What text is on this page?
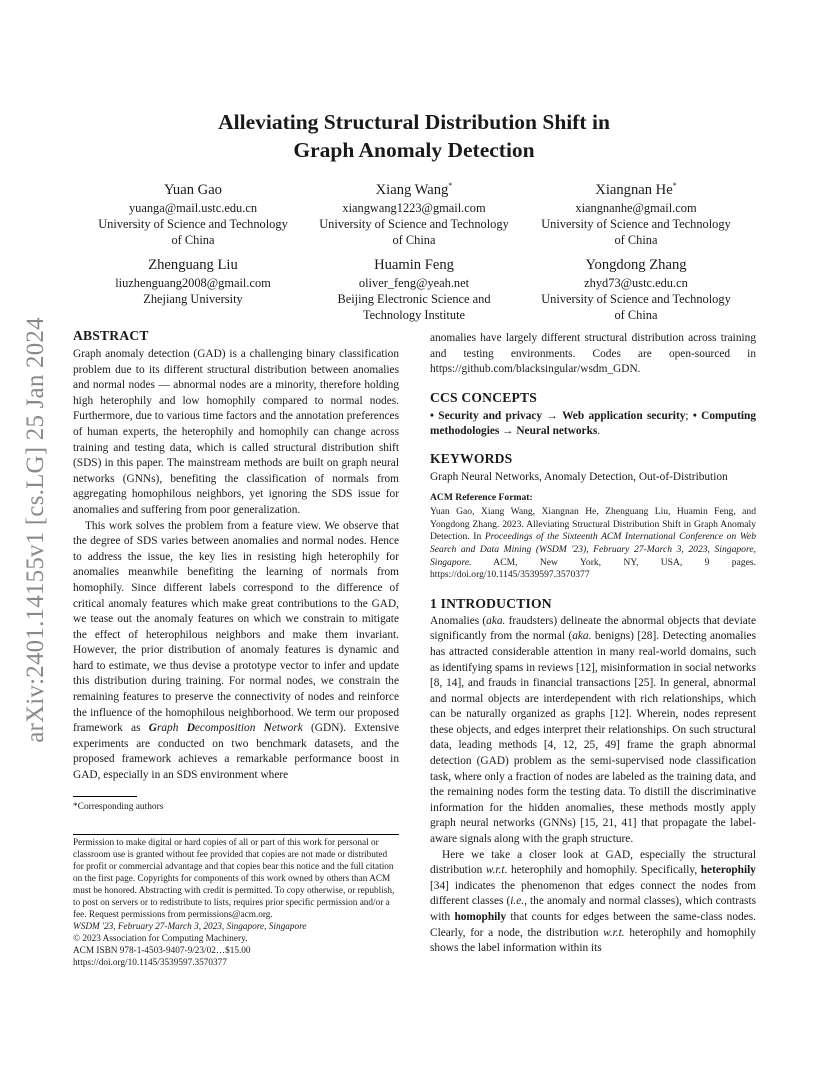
arXiv:2401.14155v1 [cs.LG] 25 Jan 2024
Alleviating Structural Distribution Shift in
Graph Anomaly Detection
Yuan Gao
yuanga@mail.ustc.edu.cn
University of Science and Technology
of China
Xiang Wang*
xiangwang1223@gmail.com
University of Science and Technology
of China
Xiangnan He*
xiangnanhe@gmail.com
University of Science and Technology
of China
Zhenguang Liu
liuzhenguang2008@gmail.com
Zhejiang University
Huamin Feng
oliver_feng@yeah.net
Beijing Electronic Science and
Technology Institute
Yongdong Zhang
zhyd73@ustc.edu.cn
University of Science and Technology
of China
ABSTRACT

Graph anomaly detection (GAD) is a challenging binary classification problem due to its different structural distribution between anomalies and normal nodes — abnormal nodes are a minority, therefore holding high heterophily and low homophily compared to normal nodes. Furthermore, due to various time factors and the annotation preferences of human experts, the heterophily and homophily can change across training and testing data, which is called structural distribution shift (SDS) in this paper. The mainstream methods are built on graph neural networks (GNNs), benefiting the classification of normals from aggregating homophilous neighbors, yet ignoring the SDS issue for anomalies and suffering from poor generalization.

This work solves the problem from a feature view. We observe that the degree of SDS varies between anomalies and normal nodes. Hence to address the issue, the key lies in resisting high heterophily for anomalies meanwhile benefiting the learning of normals from homophily. Since different labels correspond to the difference of critical anomaly features which make great contributions to the GAD, we tease out the anomaly features on which we constrain to mitigate the effect of heterophilous neighbors and make them invariant. However, the prior distribution of anomaly features is dynamic and hard to estimate, we thus devise a prototype vector to infer and update this distribution during training. For normal nodes, we constrain the remaining features to preserve the connectivity of nodes and reinforce the influence of the homophilous neighborhood. We term our proposed framework as Graph Decomposition Network (GDN). Extensive experiments are conducted on two benchmark datasets, and the proposed framework achieves a remarkable performance boost in GAD, especially in an SDS environment where

*Corresponding authors
Permission to make digital or hard copies of all or part of this work for personal or classroom use is granted without fee provided that copies are not made or distributed for profit or commercial advantage and that copies bear this notice and the full citation on the first page. Copyrights for components of this work owned by others than ACM must be honored. Abstracting with credit is permitted. To copy otherwise, or republish, to post on servers or to redistribute to lists, requires prior specific permission and/or a fee. Request permissions from permissions@acm.org.
WSDM '23, February 27-March 3, 2023, Singapore, Singapore
© 2023 Association for Computing Machinery.
ACM ISBN 978-1-4503-9407-9/23/02…$15.00
https://doi.org/10.1145/3539597.3570377

anomalies have largely different structural distribution across training and testing environments. Codes are open-sourced in https://github.com/blacksingular/wsdm_GDN.

CCS CONCEPTS

• Security and privacy → Web application security; • Computing methodologies → Neural networks.

KEYWORDS

Graph Neural Networks, Anomaly Detection, Out-of-Distribution

ACM Reference Format:

Yuan Gao, Xiang Wang, Xiangnan He, Zhenguang Liu, Huamin Feng, and Yongdong Zhang. 2023. Alleviating Structural Distribution Shift in Graph Anomaly Detection. In Proceedings of the Sixteenth ACM International Conference on Web Search and Data Mining (WSDM '23), February 27-March 3, 2023, Singapore, Singapore. ACM, New York, NY, USA, 9 pages. https://doi.org/10.1145/3539597.3570377

1 INTRODUCTION

Anomalies (aka. fraudsters) delineate the abnormal objects that deviate significantly from the normal (aka. benigns) [28]. Detecting anomalies has attracted considerable attention in many real-world domains, such as identifying spams in reviews [12], misinformation in social networks [8, 14], and frauds in financial transactions [25]. In general, abnormal and normal objects are interdependent with rich relationships, which can be naturally organized as graphs [12]. Wherein, nodes represent these objects, and edges interpret their relationships. On such structural data, leading methods [4, 12, 25, 49] frame the graph abnormal detection (GAD) problem as the semi-supervised node classification task, where only a fraction of nodes are labeled as the training data, and the remaining nodes form the testing data. To distill the discriminative information for the hidden anomalies, these methods mostly apply graph neural networks (GNNs) [15, 21, 41] that propagate the label-aware signals along with the graph structure.

Here we take a closer look at GAD, especially the structural distribution w.r.t. heterophily and homophily. Specifically, heterophily [34] indicates the phenomenon that edges connect the nodes from different classes (i.e., the anomaly and normal classes), which contrasts with homophily that counts for edges between the same-class nodes. Clearly, for a node, the distribution w.r.t. heterophily and homophily shows the label information within its
